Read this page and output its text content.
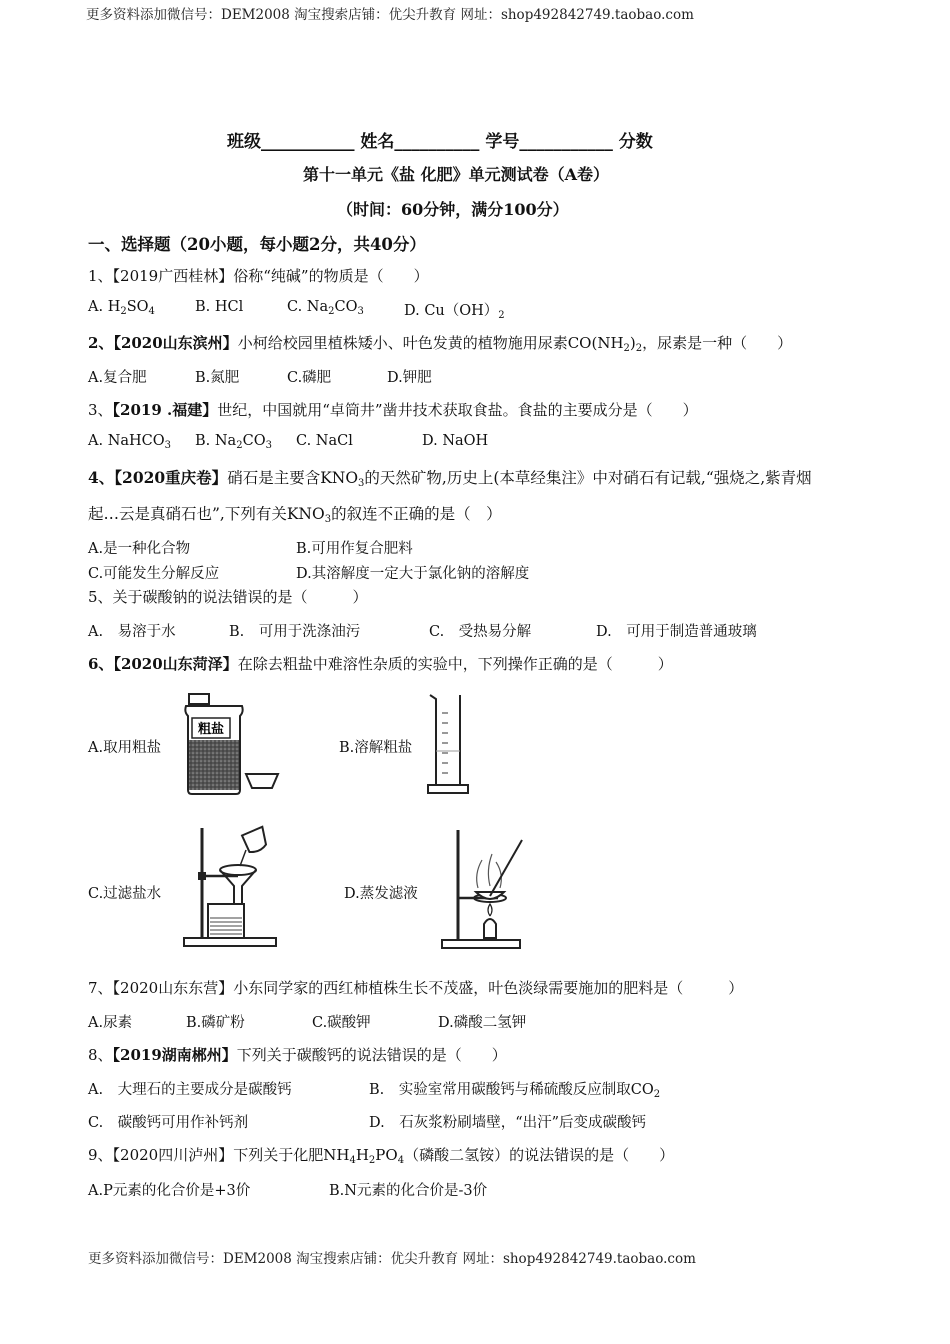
更多资料添加微信号：DEM2008 淘宝搜索店铺：优尖升教育 网址：shop492842749.taobao.com
班级___________ 姓名__________ 学号___________ 分数
第十一单元《盐 化肥》单元测试卷（A卷）
（时间：60分钟，满分100分）
一、选择题（20小题，每小题2分，共40分）
1、【2019广西桂林】俗称“纯碱”的物质是（　　）
A. $H_2SO_4$	B. HCl	C. $Na_2CO_3$	D. $Cu(OH)_2$
2、【2020山东滨州】小柯给校园里植株矮小、叶色发黄的植物施用尿素$CO(NH_2)_2$，尿素是一种（　　）
A.复合肥	B.氮肥	C.磷肥	D.钾肥
3、【2019 .福建】世纪，中国就用“卓筒井”凿井技术获取食盐。食盐的主要成分是（　　）
A. NaHCO$_3$ B. $Na_2CO_3$ C. NaCl	D. NaOH
4、【2020重庆卷】硝石是主要含$KNO_3$的天然矿物,历史上(本草经集注》中对硝石有记载,“强烧之,紫青烟
起…云是真硝石也”,下列有关$KNO_3$的叙连不正确的是（　）
A.是一种化合物	B.可用作复合肥料
C.可能发生分解反应	D.其溶解度一定大于氯化钠的溶解度
5、关于碳酸钠的说法错误的是（　　　）
A.　易溶于水	B.　可用于洗涤油污	C.　受热易分解	D.　可用于制造普通玻璃
6、【2020山东菏泽】在除去粗盐中难溶性杂质的实验中，下列操作正确的是（　　　）
A.取用粗盐
粗盐
B.溶解粗盐
C.过滤盐水	D.蒸发滤液
7、【2020山东东营】小东同学家的西红柿植株生长不茂盛，叶色淡绿需要施加的肥料是（　　　）
A.尿素	B.磷矿粉	C.碳酸钾	D.磷酸二氢钾
8、【2019湖南郴州】下列关于碳酸钙的说法错误的是（　　）
A.　大理石的主要成分是碳酸钙	B.　实验室常用碳酸钙与稀硫酸反应制取$CO_2$
C.　碳酸钙可用作补钙剂	D.　石灰浆粉刷墙壁，“出汗”后变成碳酸钙
9、【2020四川泸州】下列关于化肥$NH_4H_2PO_4$（磷酸二氢铵）的说法错误的是（　　）
A.P元素的化合价是+3价	B.N元素的化合价是-3价
更多资料添加微信号：DEM2008 淘宝搜索店铺：优尖升教育 网址：shop492842749.taobao.com
